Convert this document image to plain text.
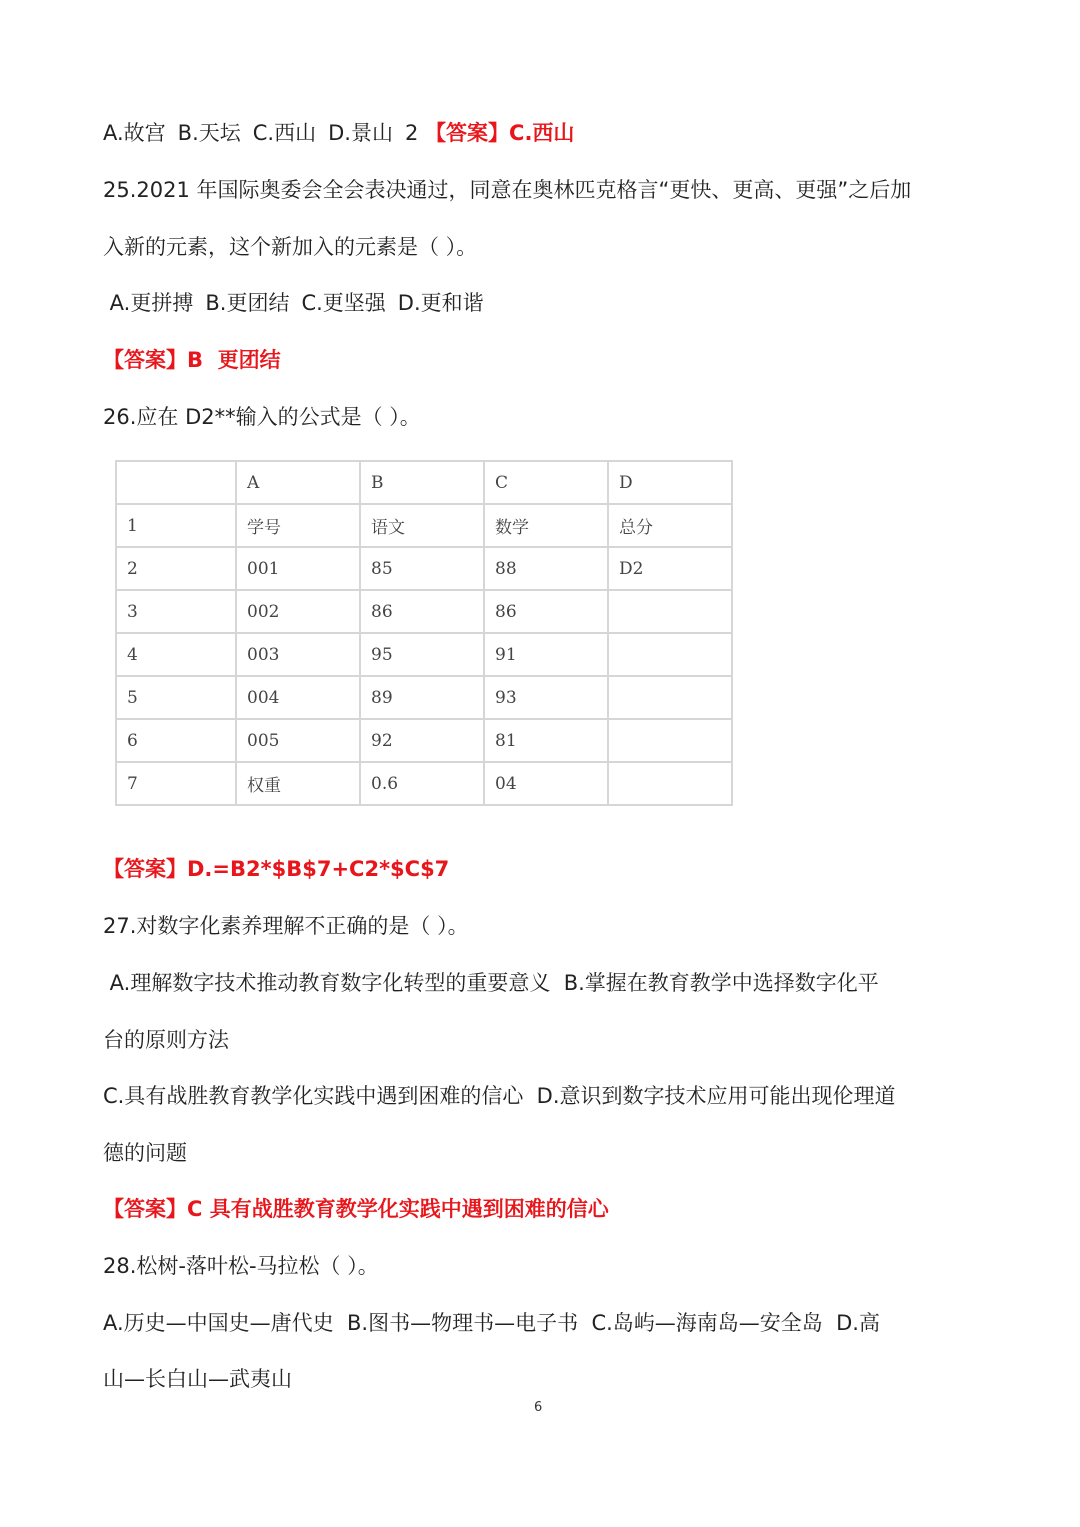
A.故宫 B.天坛 C.西山 D.景山 2 【答案】C.西山
25.2021 年国际奥委会全会表决通过，同意在奥林匹克格言“更快、更高、更强”之后加
入新的元素，这个新加入的元素是（ ）。
A.更拼搏 B.更团结 C.更坚强 D.更和谐
【答案】B  更团结
26.应在 D2**输入的公式是（ ）。
	A	B	C	D
1	学号	语文	数学	总分
2	001	85	88	D2
3	002	86	86	
4	003	95	91	
5	004	89	93	
6	005	92	81	
7	权重	0.6	04	
【答案】D.=B2*$B$7+C2*$C$7
27.对数字化素养理解不正确的是（ ）。
A.理解数字技术推动教育数字化转型的重要意义  B.掌握在教育教学中选择数字化平
台的原则方法
C.具有战胜教育教学化实践中遇到困难的信心  D.意识到数字技术应用可能出现伦理道
德的问题
【答案】C 具有战胜教育教学化实践中遇到困难的信心
28.松树-落叶松-马拉松（ ）。
A.历史—中国史—唐代史  B.图书—物理书—电子书  C.岛屿—海南岛—安全岛  D.高
山—长白山—武夷山
6
